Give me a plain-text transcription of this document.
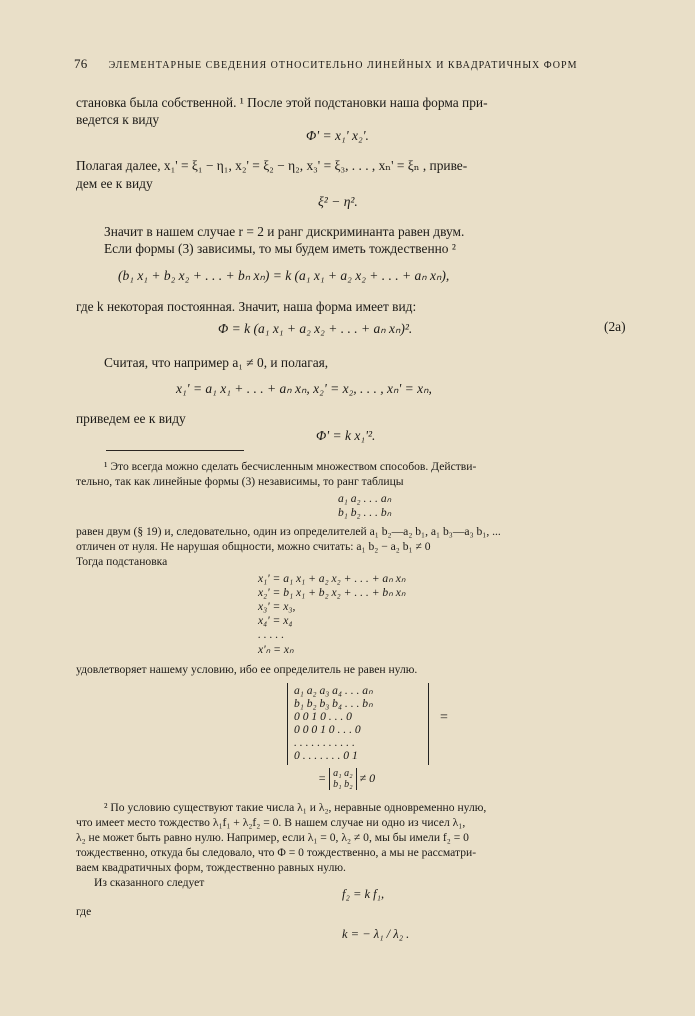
76 ЭЛЕМЕНТАРНЫЕ СВЕДЕНИЯ ОТНОСИТЕЛЬНО ЛИНЕЙНЫХ И КВАДРАТИЧНЫХ ФОРМ
становка была собственной. ¹ После этой подстановки наша форма при-
ведется к виду
Φ' = x₁' x₂'.
Полагая далее, x₁' = ξ₁ − η₁, x₂' = ξ₂ − η₂, x₃' = ξ₃, . . . , xₙ' = ξₙ , приве-
дем ее к виду
ξ² − η².
Значит в нашем случае r = 2 и ранг дискриминанта равен двум.
Если формы (3) зависимы, то мы будем иметь тождественно ²
(b₁ x₁ + b₂ x₂ + . . . + bₙ xₙ) = k (a₁ x₁ + a₂ x₂ + . . . + aₙ xₙ),
где k некоторая постоянная. Значит, наша форма имеет вид:
Φ = k (a₁ x₁ + a₂ x₂ + . . . + aₙ xₙ)².	(2a)
Считая, что например a₁ ≠ 0, и полагая,
x₁' = a₁ x₁ + . . . + aₙ xₙ, x₂' = x₂, . . . , xₙ' = xₙ,
приведем ее к виду
Φ' = k x₁'².
¹ Это всегда можно сделать бесчисленным множеством способов. Действи-
тельно, так как линейные формы (3) независимы, то ранг таблицы
a₁ a₂ . . . aₙ
b₁ b₂ . . . bₙ
равен двум (§ 19) и, следовательно, один из определителей a₁ b₂—a₂ b₁, a₁ b₃—a₃ b₁, ...
отличен от нуля. Не нарушая общности, можно считать: a₁ b₂ − a₂ b₁ ≠ 0
Тогда подстановка
x₁' = a₁ x₁ + a₂ x₂ + . . . + aₙ xₙ
x₂' = b₁ x₁ + b₂ x₂ + . . . + bₙ xₙ
x₃' = x₃,
x₄' = x₄
. . . . .
x'ₙ = xₙ
удовлетворяет нашему условию, ибо ее определитель не равен нулю.
a₁ a₂ a₃ a₄ . . . aₙ
b₁ b₂ b₃ b₄ . . . bₙ
0 0 1 0 . . . 0
0 0 0 1 0 . . . 0
. . . . . . . . . . .
0 . . . . . . . 0 1
=
= a₁ a₂
b₁ b₂ ≠ 0
² По условию существуют такие числа λ₁ и λ₂, неравные одновременно нулю,
что имеет место тождество λ₁f₁ + λ₂f₂ = 0. В нашем случае ни одно из чисел λ₁,
λ₂ не может быть равно нулю. Например, если λ₁ = 0, λ₂ ≠ 0, мы бы имели f₂ = 0
тождественно, откуда бы следовало, что Φ = 0 тождественно, а мы не рассматри-
ваем квадратичных форм, тождественно равных нулю.
Из сказанного следует
f₂ = k f₁,
где
k = − λ₁ / λ₂ .
